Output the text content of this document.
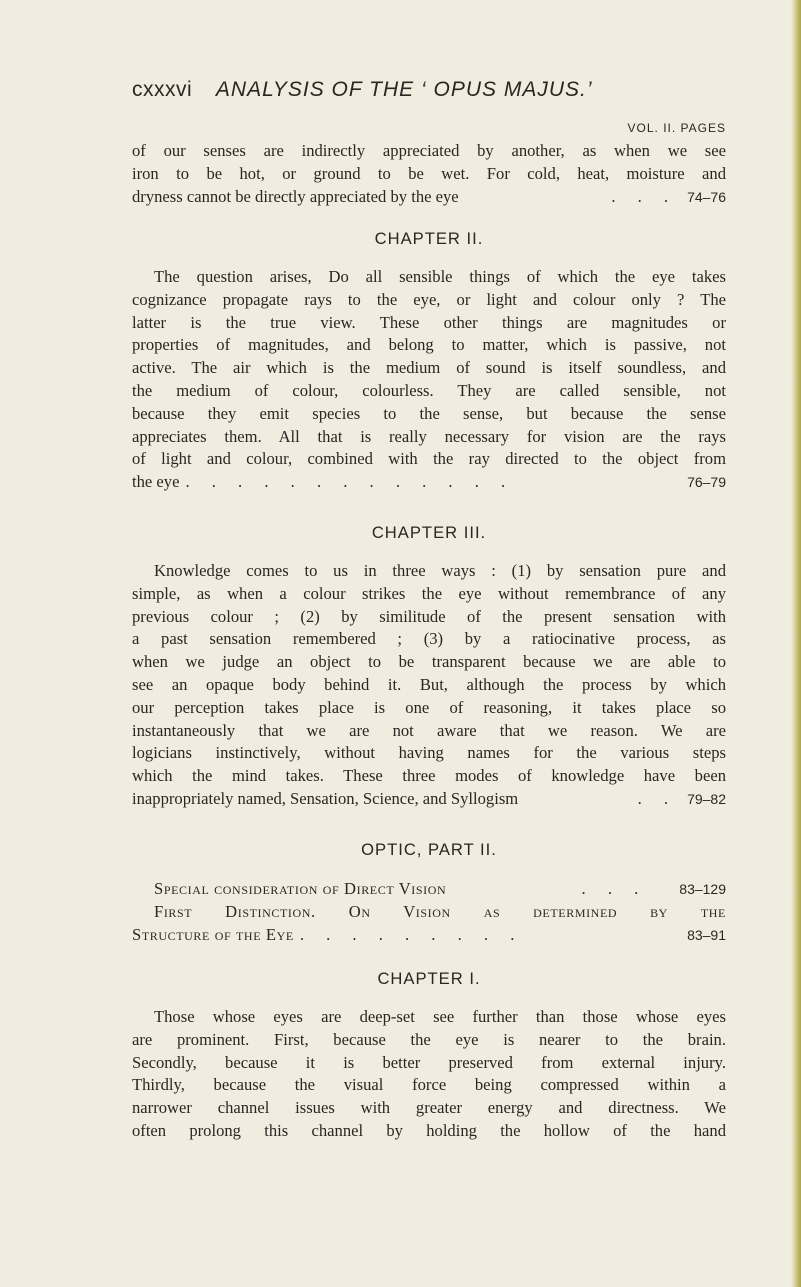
cxxxvi ANALYSIS OF THE ‘ OPUS MAJUS.’
VOL. II. PAGES
of our senses are indirectly appreciated by another, as when we see
iron to be hot, or ground to be wet. For cold, heat, moisture and
dryness cannot be directly appreciated by the eye	. . . 74–76
CHAPTER II.
The question arises, Do all sensible things of which the eye takes
cognizance propagate rays to the eye, or light and colour only ? The
latter is the true view. These other things are magnitudes or
properties of magnitudes, and belong to matter, which is passive, not
active. The air which is the medium of sound is itself soundless, and
the medium of colour, colourless. They are called sensible, not
because they emit species to the sense, but because the sense
appreciates them. All that is really necessary for vision are the rays
of light and colour, combined with the ray directed to the object from
the eye . . . . . . . . . . . . .	76–79
CHAPTER III.
Knowledge comes to us in three ways : (1) by sensation pure and
simple, as when a colour strikes the eye without remembrance of any
previous colour ; (2) by similitude of the present sensation with
a past sensation remembered ; (3) by a ratiocinative process, as
when we judge an object to be transparent because we are able to
see an opaque body behind it. But, although the process by which
our perception takes place is one of reasoning, it takes place so
instantaneously that we are not aware that we reason. We are
logicians instinctively, without having names for the various steps
which the mind takes. These three modes of knowledge have been
inappropriately named, Sensation, Science, and Syllogism	. . 79–82
OPTIC, PART II.
Special consideration of Direct Vision	. . .	83–129
First Distinction. On Vision as determined by the
Structure of the Eye . . . . . . . . .	83–91
CHAPTER I.
Those whose eyes are deep-set see further than those whose eyes
are prominent. First, because the eye is nearer to the brain.
Secondly, because it is better preserved from external injury.
Thirdly, because the visual force being compressed within a
narrower channel issues with greater energy and directness. We
often prolong this channel by holding the hollow of the hand
